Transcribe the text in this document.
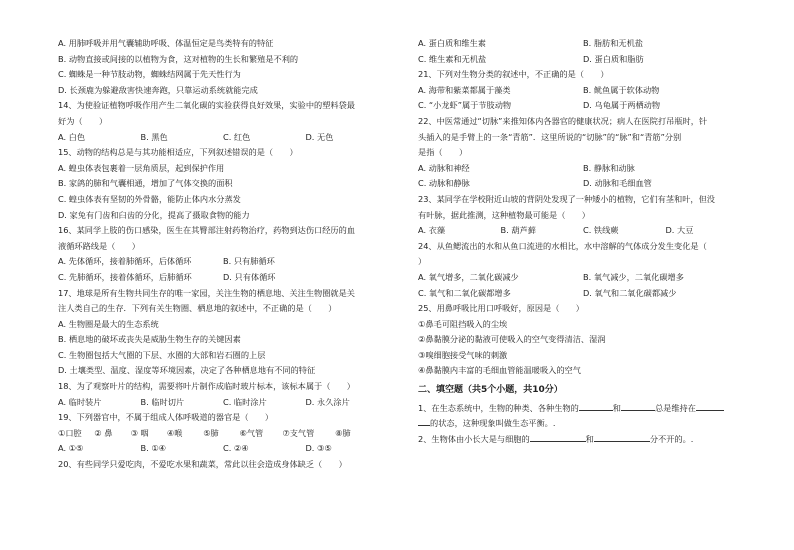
A. 用肺呼吸并用气囊辅助呼吸、体温恒定是鸟类特有的特征
B. 动物直接或间接的以植物为食，这对植物的生长和繁殖是不利的
C. 蜘蛛是一种节肢动物，蜘蛛结网属于先天性行为
D. 长颈鹿为躲避敌害快速奔跑，只靠运动系统就能完成
14、为使验证植物呼吸作用产生二氧化碳的实验获得良好效果，实验中的塑料袋最
好为（　　）
A. 白色	B. 黑色	C. 红色	D. 无色
15、动物的结构总是与其功能相适应，下列叙述错误的是（　　）
A. 蝗虫体表包裹着一层角质层，起到保护作用
B. 家鸽的肺和气囊相通，增加了气体交换的面积
C. 蝗虫体表有坚韧的外骨骼，能防止体内水分蒸发
D. 家兔有门齿和臼齿的分化，提高了摄取食物的能力
16、某同学上肢的伤口感染，医生在其臀部注射药物治疗，药物到达伤口经历的血
液循环路线是（　　）
A. 先体循环，接着肺循环，后体循环	B. 只有肺循环
C. 先肺循环，接着体循环，后肺循环	D. 只有体循环
17、地球是所有生物共同生存的唯一家园，关注生物的栖息地、关注生物圈就是关
注人类自己的生存．下列有关生物圈、栖息地的叙述中，不正确的是（　　）
A. 生物圈是最大的生态系统
B. 栖息地的破坏或丧失是威胁生物生存的关键因素
C. 生物圈包括大气圈的下层、水圈的大部和岩石圈的上层
D. 土壤类型、温度、湿度等环境因素，决定了各种栖息地有不同的特征
18、为了观察叶片的结构，需要将叶片制作成临时玻片标本，该标本属于（　　）
A. 临时装片	B. 临时切片	C. 临时涂片	D. 永久涂片
19、下列器官中，不属于组成人体呼吸道的器官是（　　）
①口腔	② 鼻	③ 咽	④喉	⑤肺	⑥气管	⑦支气管	⑧肺
A. ①⑤	B. ①④	C. ②④	D. ③⑤
20、有些同学只爱吃肉，不爱吃水果和蔬菜，常此以往会造成身体缺乏（　　）
A. 蛋白质和维生素	B. 脂肪和无机盐
C. 维生素和无机盐	D. 蛋白质和脂肪
21、下列对生物分类的叙述中，不正确的是（　　）
A. 海带和紫菜都属于藻类	B. 鱿鱼属于软体动物
C. “小龙虾”属于节肢动物	D. 乌龟属于两栖动物
22、中医常通过“切脉”来推知体内各器官的健康状况；病人在医院打吊瓶时，针
头插入的是手臂上的一条“青筋”．这里所说的“切脉”的“脉”和“青筋”分别
是指（　　）
A. 动脉和神经	B. 静脉和动脉
C. 动脉和静脉	D. 动脉和毛细血管
23、某同学在学校附近山坡的背阴处发现了一种矮小的植物，它们有茎和叶，但没
有叶脉，据此推测，这种植物最可能是（　　）
A. 衣藻	B. 葫芦藓	C. 铁线蕨	D. 大豆
24、从鱼鳃流出的水和从鱼口流进的水相比，水中溶解的气体成分发生变化是（
）
A. 氧气增多，二氧化碳减少	B. 氧气减少，二氧化碳增多
C. 氧气和二氧化碳都增多	D. 氧气和二氧化碳都减少
25、用鼻呼吸比用口呼吸好，原因是（　　）
①鼻毛可阻挡吸入的尘埃
②鼻黏膜分泌的黏液可使吸入的空气变得清洁、湿润
③嗅细胞接受气味的刺激
④鼻黏膜内丰富的毛细血管能温暖吸入的空气
二、填空题（共5个小题，共10分）
1、在生态系统中，生物的种类、各种生物的	和	总是维持在
的状态，这种现象叫做生态平衡。.
2、生物体由小长大是与细胞的	和	分不开的。.
